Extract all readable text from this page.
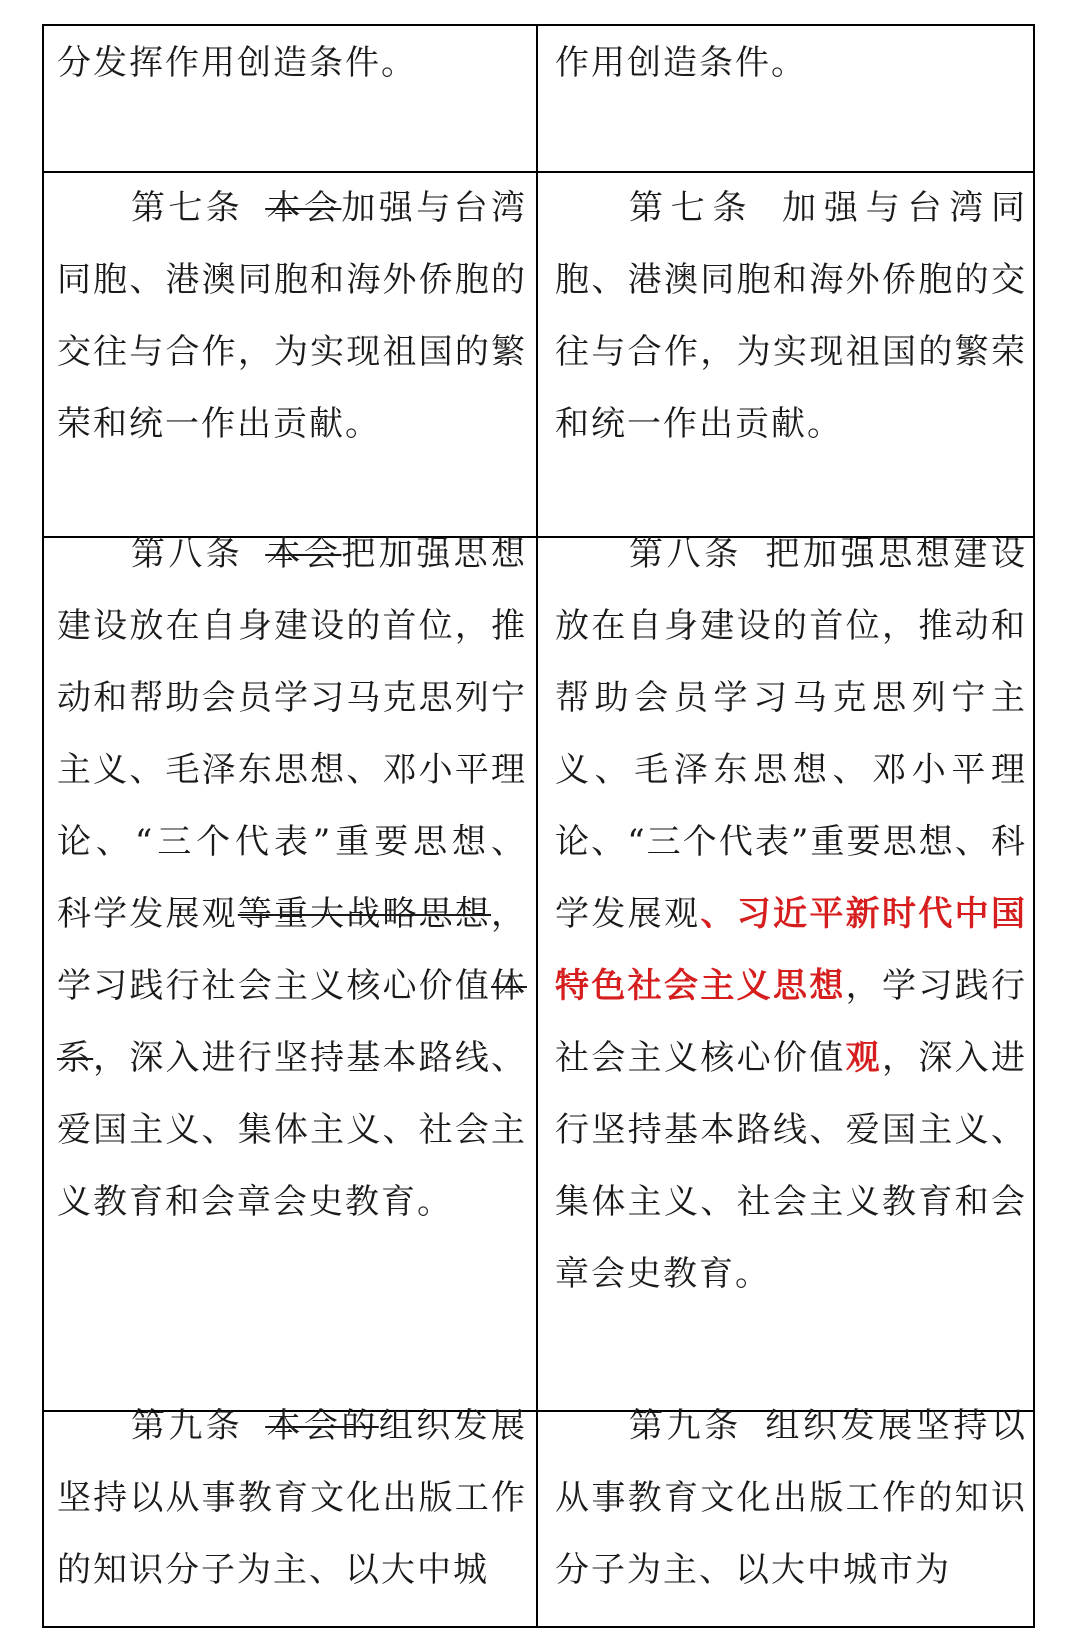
分发挥作用创造条件。	作用创造条件。

第七条 本会加强与台湾同胞、港澳同胞和海外侨胞的交往与合作，为实现祖国的繁荣和统一作出贡献。

第七条 加强与台湾同胞、港澳同胞和海外侨胞的交往与合作，为实现祖国的繁荣和统一作出贡献。

第八条 本会把加强思想建设放在自身建设的首位，推动和帮助会员学习马克思列宁主义、毛泽东思想、邓小平理论、“三个代表”重要思想、科学发展观等重大战略思想，学习践行社会主义核心价值体系，深入进行坚持基本路线、爱国主义、集体主义、社会主义教育和会章会史教育。

第八条 把加强思想建设放在自身建设的首位，推动和帮助会员学习马克思列宁主义、毛泽东思想、邓小平理论、“三个代表”重要思想、科学发展观、习近平新时代中国特色社会主义思想，学习践行社会主义核心价值观，深入进行坚持基本路线、爱国主义、集体主义、社会主义教育和会章会史教育。

第九条 本会的组织发展坚持以从事教育文化出版工作的知识分子为主、以大中城

第九条 组织发展坚持以从事教育文化出版工作的知识分子为主、以大中城市为
